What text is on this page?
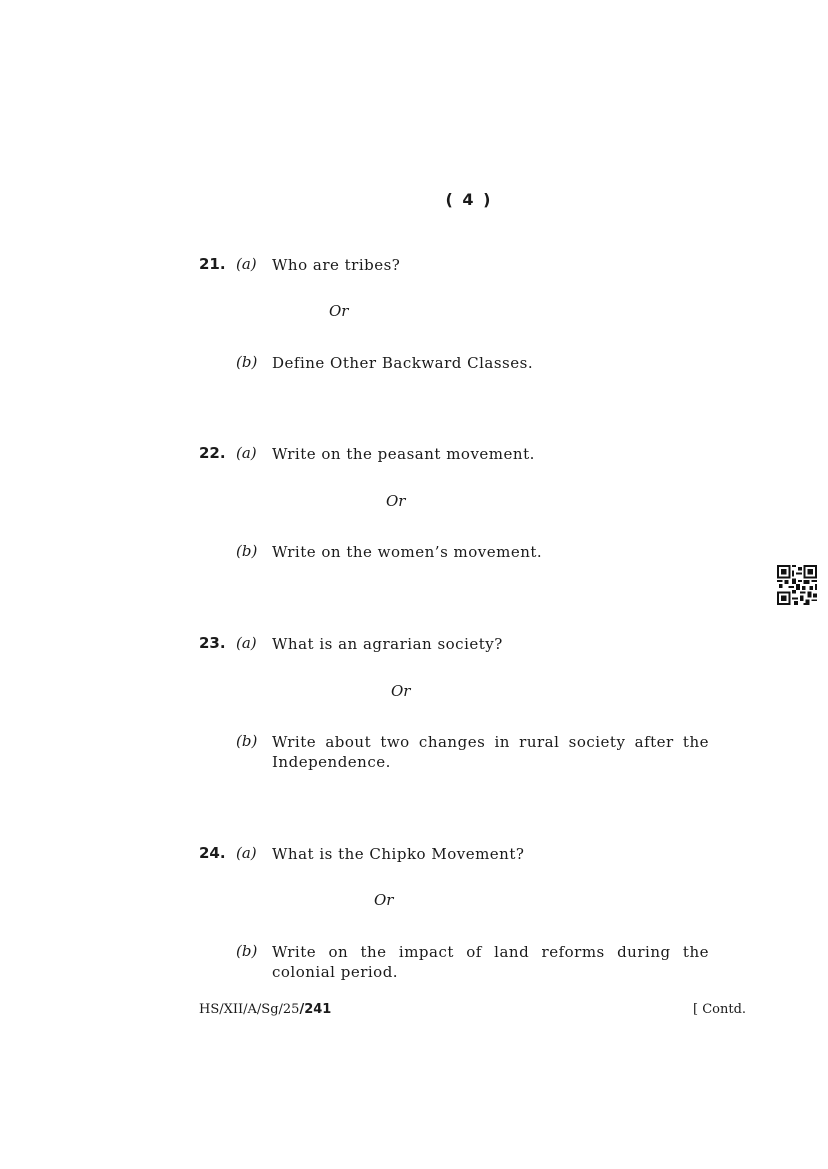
( 4 )
21. (a) Who are tribes?
Or
(b) Define Other Backward Classes.
22. (a) Write on the peasant movement.
Or
(b) Write on the women’s movement.
23. (a) What is an agrarian society?
Or
(b) Write about two changes in rural society after the Independence.
24. (a) What is the Chipko Movement?
Or
(b) Write on the impact of land reforms during the colonial period.
HS/XII/A/Sg/25/241	[ Contd.
